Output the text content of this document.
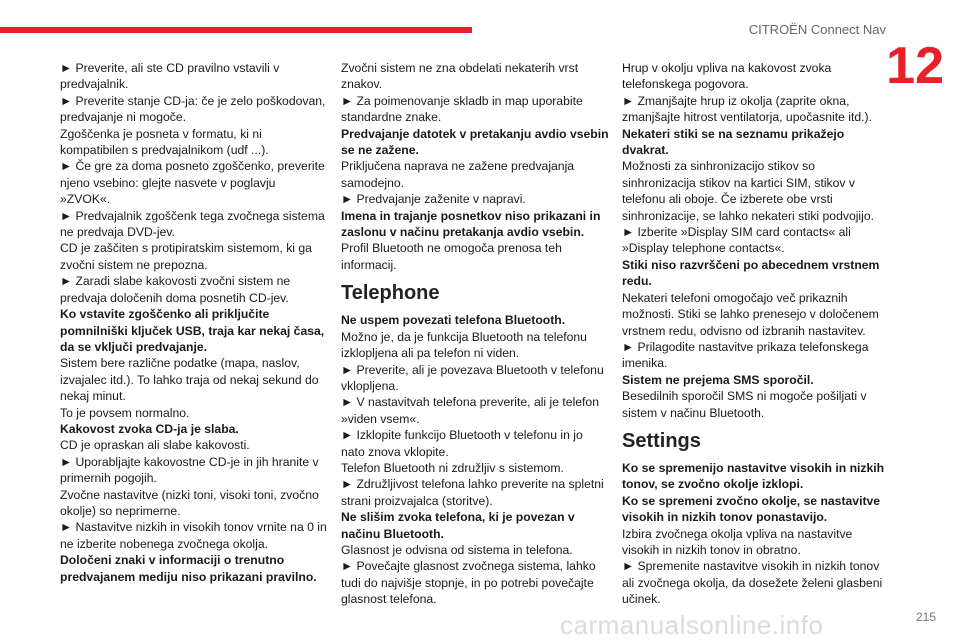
CITROËN Connect Nav
12

► Preverite, ali ste CD pravilno vstavili v predvajalnik.

► Preverite stanje CD-ja: če je zelo poškodovan, predvajanje ni mogoče.

Zgoščenka je posneta v formatu, ki ni kompatibilen s predvajalnikom (udf ...).

► Če gre za doma posneto zgoščenko, preverite njeno vsebino: glejte nasvete v poglavju »ZVOK«.

► Predvajalnik zgoščenk tega zvočnega sistema ne predvaja DVD-jev.

CD je zaščiten s protipiratskim sistemom, ki ga zvočni sistem ne prepozna.

► Zaradi slabe kakovosti zvočni sistem ne predvaja določenih doma posnetih CD-jev.

Ko vstavite zgoščenko ali priključite pomnilniški ključek USB, traja kar nekaj časa, da se vključi predvajanje.

Sistem bere različne podatke (mapa, naslov, izvajalec itd.). To lahko traja od nekaj sekund do nekaj minut.

To je povsem normalno.

Kakovost zvoka CD-ja je slaba.

CD je opraskan ali slabe kakovosti.

► Uporabljajte kakovostne CD-je in jih hranite v primernih pogojih.

Zvočne nastavitve (nizki toni, visoki toni, zvočno okolje) so neprimerne.

► Nastavitve nizkih in visokih tonov vrnite na 0 in ne izberite nobenega zvočnega okolja.

Določeni znaki v informaciji o trenutno predvajanem mediju niso prikazani pravilno.

Zvočni sistem ne zna obdelati nekaterih vrst znakov.

► Za poimenovanje skladb in map uporabite standardne znake.

Predvajanje datotek v pretakanju avdio vsebin se ne zažene.

Priključena naprava ne zažene predvajanja samodejno.

► Predvajanje zaženite v napravi.

Imena in trajanje posnetkov niso prikazani in zaslonu v načinu pretakanja avdio vsebin.

Profil Bluetooth ne omogoča prenosa teh informacij.

Telephone

Ne uspem povezati telefona Bluetooth.

Možno je, da je funkcija Bluetooth na telefonu izklopljena ali pa telefon ni viden.

► Preverite, ali je povezava Bluetooth v telefonu vklopljena.

► V nastavitvah telefona preverite, ali je telefon »viden vsem«.

► Izklopite funkcijo Bluetooth v telefonu in jo nato znova vklopite.

Telefon Bluetooth ni združljiv s sistemom.

► Združljivost telefona lahko preverite na spletni strani proizvajalca (storitve).

Ne slišim zvoka telefona, ki je povezan v načinu Bluetooth.

Glasnost je odvisna od sistema in telefona.

► Povečajte glasnost zvočnega sistema, lahko tudi do najvišje stopnje, in po potrebi povečajte glasnost telefona.

Hrup v okolju vpliva na kakovost zvoka telefonskega pogovora.

► Zmanjšajte hrup iz okolja (zaprite okna, zmanjšajte hitrost ventilatorja, upočasnite itd.).

Nekateri stiki se na seznamu prikažejo dvakrat.

Možnosti za sinhronizacijo stikov so sinhronizacija stikov na kartici SIM, stikov v telefonu ali oboje. Če izberete obe vrsti sinhronizacije, se lahko nekateri stiki podvojijo.

► Izberite »Display SIM card contacts« ali »Display telephone contacts«.

Stiki niso razvrščeni po abecednem vrstnem redu.

Nekateri telefoni omogočajo več prikaznih možnosti. Stiki se lahko prenesejo v določenem vrstnem redu, odvisno od izbranih nastavitev.

► Prilagodite nastavitve prikaza telefonskega imenika.

Sistem ne prejema SMS sporočil.

Besedilnih sporočil SMS ni mogoče pošiljati v sistem v načinu Bluetooth.

Settings

Ko se spremenijo nastavitve visokih in nizkih tonov, se zvočno okolje izklopi.

Ko se spremeni zvočno okolje, se nastavitve visokih in nizkih tonov ponastavijo.

Izbira zvočnega okolja vpliva na nastavitve visokih in nizkih tonov in obratno.

► Spremenite nastavitve visokih in nizkih tonov ali zvočnega okolja, da dosežete želeni glasbeni učinek.

carmanualsonline.info	215
